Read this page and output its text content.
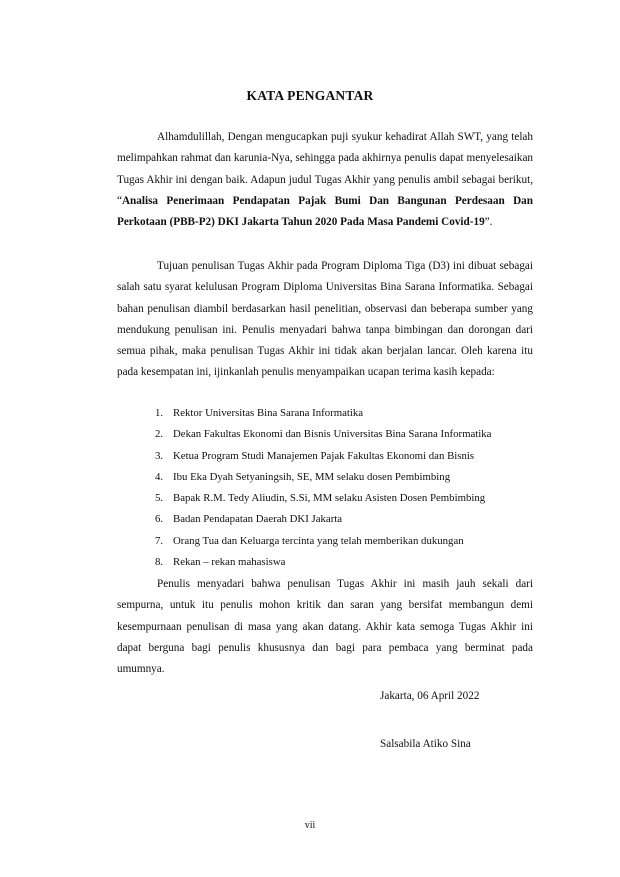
KATA PENGANTAR

Alhamdulillah, Dengan mengucapkan puji syukur kehadirat Allah SWT, yang telah melimpahkan rahmat dan karunia-Nya, sehingga pada akhirnya penulis dapat menyelesaikan Tugas Akhir ini dengan baik. Adapun judul Tugas Akhir yang penulis ambil sebagai berikut, “Analisa Penerimaan Pendapatan Pajak Bumi Dan Bangunan Perdesaan Dan Perkotaan (PBB-P2) DKI Jakarta Tahun 2020 Pada Masa Pandemi Covid-19”.

Tujuan penulisan Tugas Akhir pada Program Diploma Tiga (D3) ini dibuat sebagai salah satu syarat kelulusan Program Diploma Universitas Bina Sarana Informatika. Sebagai bahan penulisan diambil berdasarkan hasil penelitian, observasi dan beberapa sumber yang mendukung penulisan ini. Penulis menyadari bahwa tanpa bimbingan dan dorongan dari semua pihak, maka penulisan Tugas Akhir ini tidak akan berjalan lancar. Oleh karena itu pada kesempatan ini, ijinkanlah penulis menyampaikan ucapan terima kasih kepada:

1. Rektor Universitas Bina Sarana Informatika
2. Dekan Fakultas Ekonomi dan Bisnis Universitas Bina Sarana Informatika
3. Ketua Program Studi Manajemen Pajak Fakultas Ekonomi dan Bisnis
4. Ibu Eka Dyah Setyaningsih, SE, MM selaku dosen Pembimbing
5. Bapak R.M. Tedy Aliudin, S.Si, MM selaku Asisten Dosen Pembimbing
6. Badan Pendapatan Daerah DKI Jakarta
7. Orang Tua dan Keluarga tercinta yang telah memberikan dukungan
8. Rekan – rekan mahasiswa

Penulis menyadari bahwa penulisan Tugas Akhir ini masih jauh sekali dari sempurna, untuk itu penulis mohon kritik dan saran yang bersifat membangun demi kesempurnaan penulisan di masa yang akan datang. Akhir kata semoga Tugas Akhir ini dapat berguna bagi penulis khususnya dan bagi para pembaca yang berminat pada umumnya.

Jakarta, 06 April 2022
Salsabila Atiko Sina
vii
